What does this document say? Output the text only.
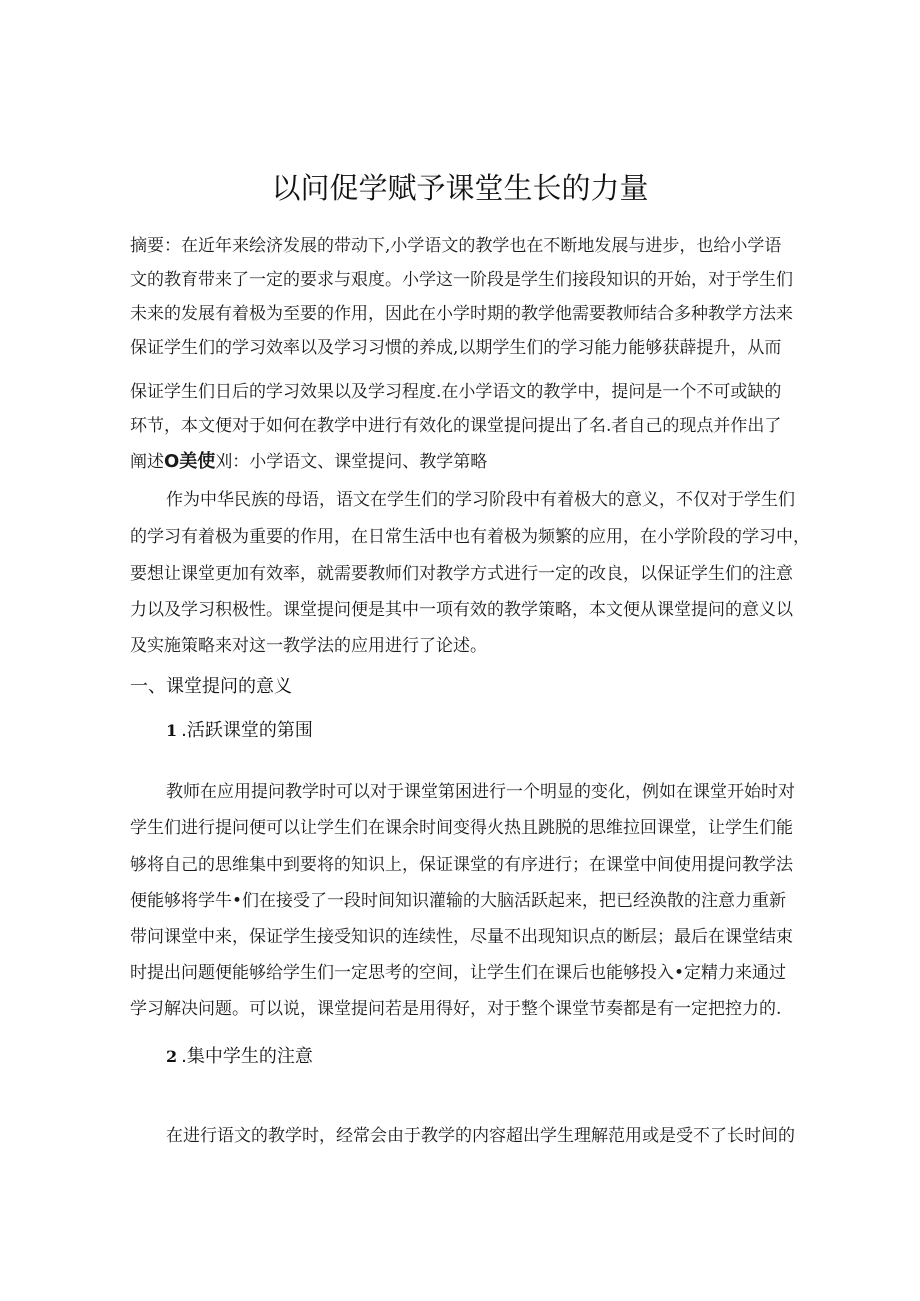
以问促学赋予课堂生长的力量
摘要：在近年来绘济发展的带动下,小学语文的教学也在不断地发展与进步，也给小学语
文的教育带来了一定的要求与艰度。小学这一阶段是学生们接段知识的开始，对于学生们
未来的发展有着极为至要的作用，因此在小学时期的教学他需要教师结合多种教学方法来
保证学生们的学习效率以及学习习惯的养成,以期学生们的学习能力能够获薜提升，从而
保证学生们日后的学习效果以及学习程度.在小学语文的教学中，提问是一个不可或缺的
环节，本文便对于如何在教学中进行有效化的课堂提问提出了名.者自己的现点并作出了
阐述O美使刈：小学语文、课堂提问、教学第略
作为中华民族的母语，语文在学生们的学习阶段中有着极大的意义，不仅对于学生们
的学习有着极为重要的作用，在日常生活中也有着极为频繁的应用，在小学阶段的学习中，
要想让课堂更加有效率，就需要教师们对教学方式进行一定的改良，以保证学生们的注意
力以及学习积极性。课堂提问便是其中一项有效的教学策略，本文便从课堂提问的意义以
及实施策略来对这一教学法的应用进行了论述。
一、课堂提问的意义
1 .活跃课堂的第围
教师在应用提问教学时可以对于课堂第困进行一个明显的变化，例如在课堂开始时对
学生们进行提问便可以让学生们在课余时间变得火热且跳脱的思维拉回课堂，让学生们能
够将自己的思维集中到要将的知识上，保证课堂的有序进行；在课堂中间使用提问教学法
便能够将学牛•们在接受了一段时间知识灌输的大脑活跃起来，把已经涣散的注意力重新
带问课堂中来，保证学生接受知识的连续性，尽量不出现知识点的断层；最后在课堂结束
时提出问题便能够给学生们一定思考的空间，让学生们在课后也能够投入•定精力来通过
学习解决问题。可以说，课堂提问若是用得好，对于整个课堂节奏都是有一定把控力的.
2 .集中学生的注意
在进行语文的教学时，经常会由于教学的内容超出学生理解范用或是受不了长时间的
